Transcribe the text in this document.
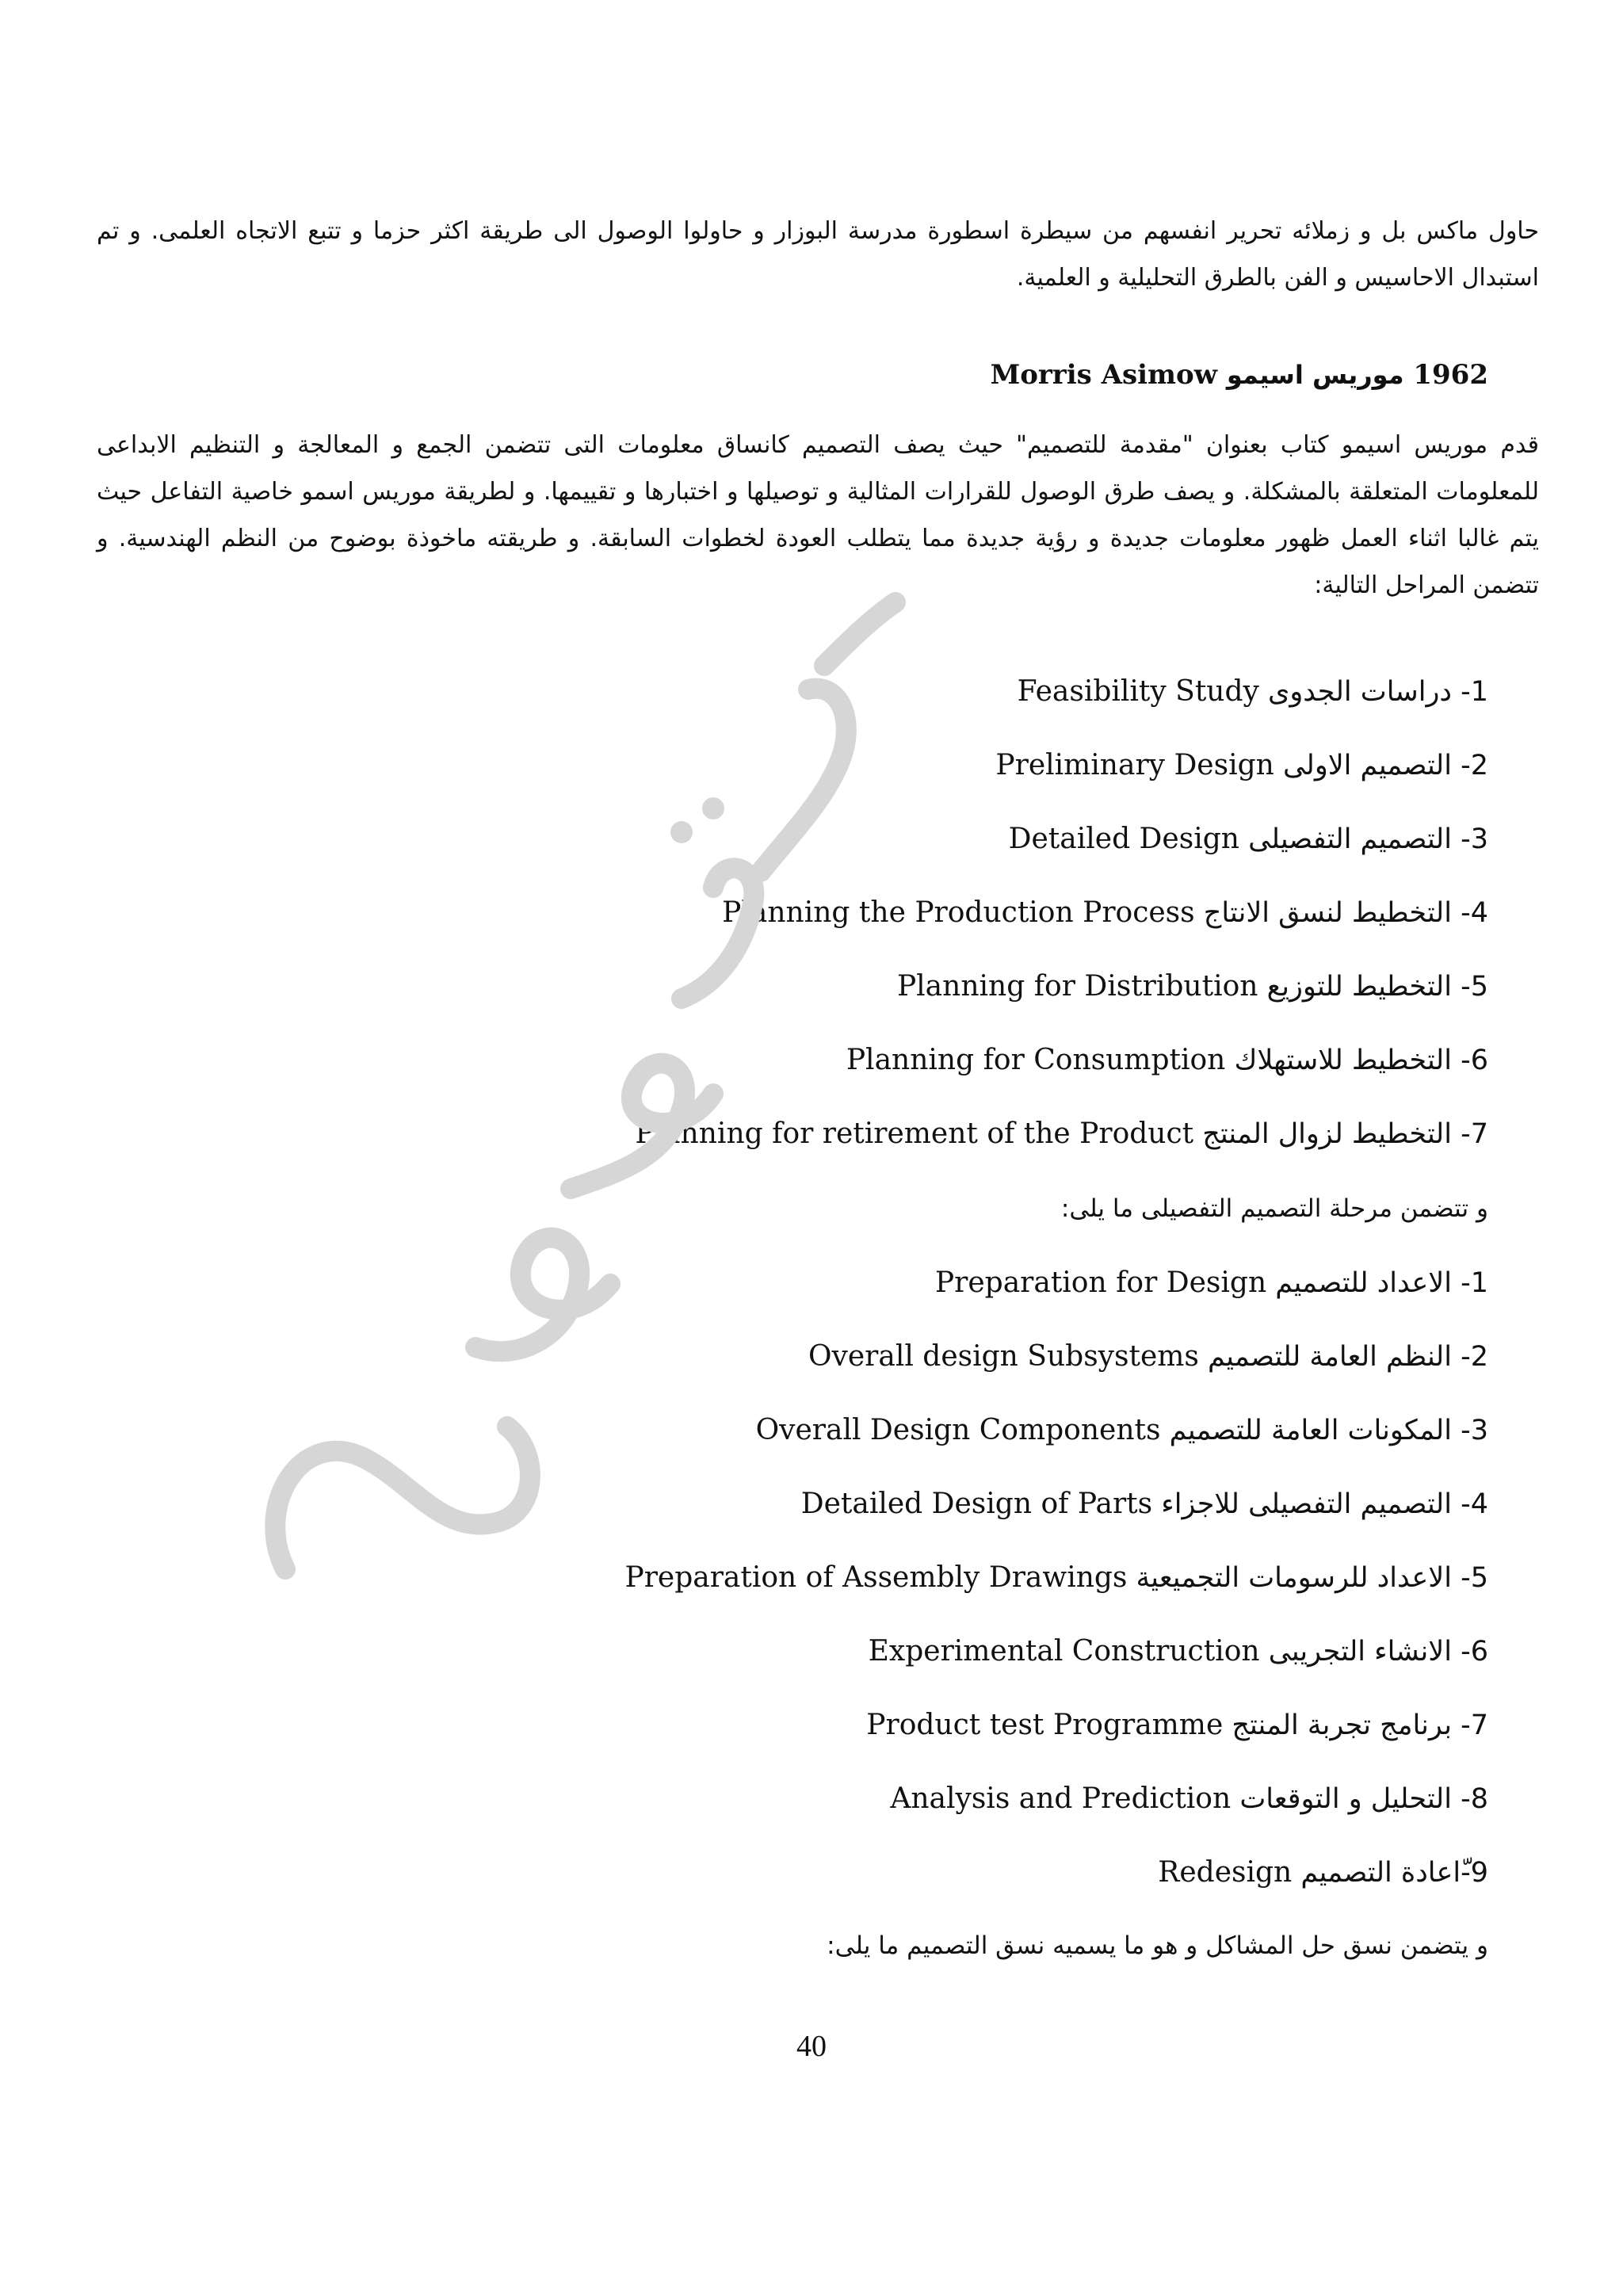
حاول ماكس بل و زملائه تحرير انفسهم من سيطرة اسطورة مدرسة البوزار و حاولوا الوصول الى طريقة اكثر حزما و تتبع الاتجاه العلمى. و تم استبدال الاحاسيس و الفن بالطرق التحليلية و العلمية.

1962 موريس اسيمو Morris Asimow

قدم موريس اسيمو كتاب بعنوان "مقدمة للتصميم" حيث يصف التصميم كانساق معلومات التى تتضمن الجمع و المعالجة و التنظيم الابداعى للمعلومات المتعلقة بالمشكلة. و يصف طرق الوصول للقرارات المثالية و توصيلها و اختبارها و تقييمها. و لطريقة موريس اسمو خاصية التفاعل حيث يتم غالبا اثناء العمل ظهور معلومات جديدة و رؤية جديدة مما يتطلب العودة لخطوات السابقة. و طريقته ماخوذة بوضوح من النظم الهندسية. و تتضمن المراحل التالية:

1- دراسات الجدوى Feasibility Study
2- التصميم الاولى Preliminary Design
3- التصميم التفصيلى Detailed Design
4- التخطيط لنسق الانتاج Planning the Production Process
5- التخطيط للتوزيع Planning for Distribution
6- التخطيط للاستهلاك Planning for Consumption
7- التخطيط لزوال المنتج Planning for retirement of the Product
و تتضمن مرحلة التصميم التفصيلى ما يلى:
1- الاعداد للتصميم Preparation for Design
2- النظم العامة للتصميم Overall design Subsystems
3- المكونات العامة للتصميم Overall Design Components
4- التصميم التفصيلى للاجزاء Detailed Design of Parts
5- الاعداد للرسومات التجميعية Preparation of Assembly Drawings
6- الانشاء التجريبى Experimental Construction
7- برنامج تجربة المنتج Product test Programme
8- التحليل و التوقعات Analysis and Prediction
9-ّاعادة التصميم Redesign
و يتضمن نسق حل المشاكل و هو ما يسميه نسق التصميم ما يلى:
40
